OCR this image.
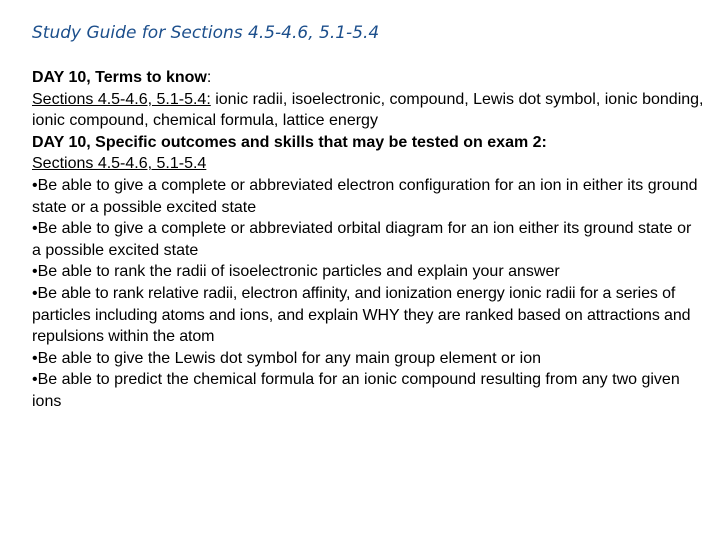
Study Guide for Sections 4.5-4.6, 5.1-5.4

DAY 10, Terms to know:

Sections 4.5-4.6, 5.1-5.4: ionic radii, isoelectronic, compound, Lewis dot symbol, ionic bonding, ionic compound, chemical formula, lattice energy

DAY 10, Specific outcomes and skills that may be tested on exam 2:

Sections 4.5-4.6, 5.1-5.4

•Be able to give a complete or abbreviated electron configuration for an ion in either its ground state or a possible excited state

•Be able to give a complete or abbreviated orbital diagram for an ion either its ground state or a possible excited state

•Be able to rank the radii of isoelectronic particles and explain your answer

•Be able to rank relative radii, electron affinity, and ionization energy ionic radii for a series of particles including atoms and ions, and explain WHY they are ranked based on attractions and repulsions within the atom

•Be able to give the Lewis dot symbol for any main group element or ion

•Be able to predict the chemical formula for an ionic compound resulting from any two given ions
